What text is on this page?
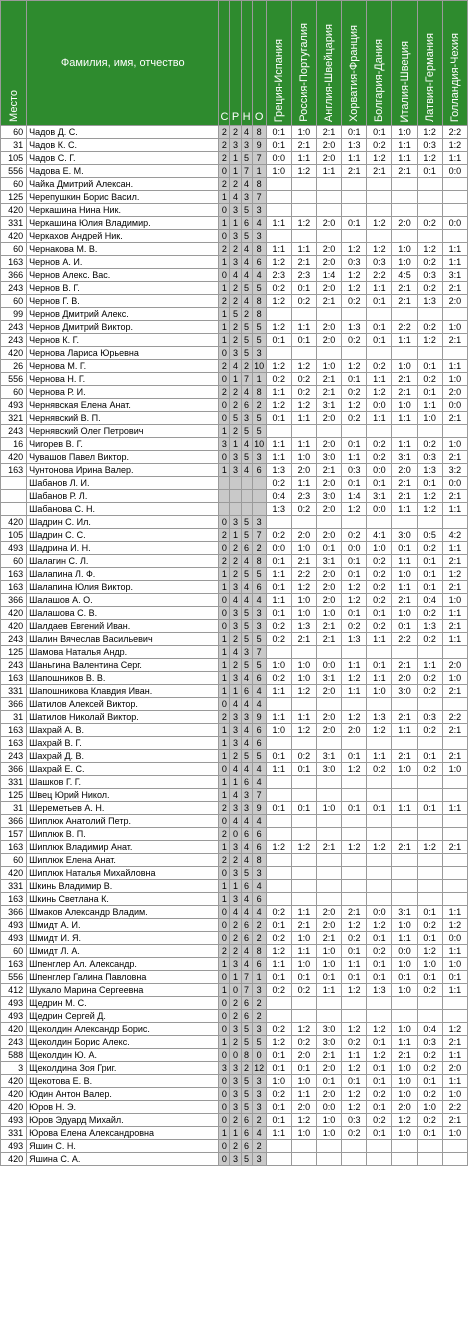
Место	Фамилия, имя, отчество	С	Р	Н	О	Греция-Испания	Россия-Португалия	Англия-Швейцария	Хорватия-Франция	Болгария-Дания	Италия-Швеция	Латвия-Германия	Голландия-Чехия

60	Чадов Д. С.	2	2	4	8	0:1	1:0	2:1	0:1	0:1	1:0	1:2	2:2
31	Чадов К. С.	2	3	3	9	0:1	2:1	2:0	1:3	0:2	1:1	0:3	1:2
105	Чадов С. Г.	2	1	5	7	0:0	1:1	2:0	1:1	1:2	1:1	1:2	1:1
556	Чадова Е. М.	0	1	7	1	1:0	1:2	1:1	2:1	2:1	2:1	0:1	0:0
60	Чайка Дмитрий Алексан.	2	2	4	8								
125	Черепушкин Борис Васил.	1	4	3	7								
420	Черкашина Нина Ник.	0	3	5	3								
331	Черкашина Юлия Владимир.	1	1	6	4	1:1	1:2	2:0	0:1	1:2	2:0	0:2	0:0
420	Черкахов Андрей Ник.	0	3	5	3								
60	Чернакова М. В.	2	2	4	8	1:1	1:1	2:0	1:2	1:2	1:0	1:2	1:1
163	Чернов А. И.	1	3	4	6	1:2	2:1	2:0	0:3	0:3	1:0	0:2	1:1
366	Чернов Алекс. Вас.	0	4	4	4	2:3	2:3	1:4	1:2	2:2	4:5	0:3	3:1
243	Чернов В. Г.	1	2	5	5	0:2	0:1	2:0	1:2	1:1	2:1	0:2	2:1
60	Чернов Г. В.	2	2	4	8	1:2	0:2	2:1	0:2	0:1	2:1	1:3	2:0
99	Чернов Дмитрий Алекс.	1	5	2	8								
243	Чернов Дмитрий Виктор.	1	2	5	5	1:2	1:1	2:0	1:3	0:1	2:2	0:2	1:0
243	Чернов К. Г.	1	2	5	5	0:1	0:1	2:0	0:2	0:1	1:1	1:2	2:1
420	Чернова Лариса Юрьевна	0	3	5	3								
26	Чернова М. Г.	2	4	2	10	1:2	1:2	1:0	1:2	0:2	1:0	0:1	1:1
556	Чернова Н. Г.	0	1	7	1	0:2	0:2	2:1	0:1	1:1	2:1	0:2	1:0
60	Чернова Р. И.	2	2	4	8	1:1	0:2	2:1	0:2	1:2	2:1	0:1	2:0
493	Чернявская Елена Анат.	0	2	6	2	1:2	1:2	3:1	1:2	0:0	1:0	1:1	0:0
321	Чернявский В. П.	0	5	3	5	0:1	1:1	2:0	0:2	1:1	1:1	1:0	2:1
243	Чернявский Олег Петрович	1	2	5	5								
16	Чигорев В. Г.	3	1	4	10	1:1	1:1	2:0	0:1	0:2	1:1	0:2	1:0
420	Чувашов Павел Виктор.	0	3	5	3	1:1	1:0	3:0	1:1	0:2	3:1	0:3	2:1
163	Чунтонова Ирина Валер.	1	3	4	6	1:3	2:0	2:1	0:3	0:0	2:0	1:3	3:2
	Шабанов Л. И.					0:2	1:1	2:0	0:1	0:1	2:1	0:1	0:0
	Шабанов Р. Л.					0:4	2:3	3:0	1:4	3:1	2:1	1:2	2:1
	Шабанова С. Н.					1:3	0:2	2:0	1:2	0:0	1:1	1:2	1:1
420	Шадрин С. Ил.	0	3	5	3								
105	Шадрин С. С.	2	1	5	7	0:2	2:0	2:0	0:2	4:1	3:0	0:5	4:2
493	Шадрина И. Н.	0	2	6	2	0:0	1:0	0:1	0:0	1:0	0:1	0:2	1:1
60	Шалагин С. Л.	2	2	4	8	0:1	2:1	3:1	0:1	0:2	1:1	0:1	2:1
163	Шалапина Л. Ф.	1	2	5	5	1:1	2:2	2:0	0:1	0:2	1:0	0:1	1:2
163	Шалапина Юлия Виктор.	1	3	4	6	0:1	1:2	2:0	1:2	0:2	1:1	0:1	2:1
366	Шалашов А. О.	0	4	4	4	1:1	1:0	2:0	1:2	0:2	2:1	0:4	1:0
420	Шалашова С. В.	0	3	5	3	0:1	1:0	1:0	0:1	0:1	1:0	0:2	1:1
420	Шалдаев Евгений Иван.	0	3	5	3	0:2	1:3	2:1	0:2	0:2	0:1	1:3	2:1
243	Шалин Вячеслав Васильевич	1	2	5	5	0:2	2:1	2:1	1:3	1:1	2:2	0:2	1:1
125	Шамова Наталья Андр.	1	4	3	7								
243	Шаньгина Валентина Серг.	1	2	5	5	1:0	1:0	0:0	1:1	0:1	2:1	1:1	2:0
163	Шапошников В. В.	1	3	4	6	0:2	1:0	3:1	1:2	1:1	2:0	0:2	1:0
331	Шапошникова Клавдия Иван.	1	1	6	4	1:1	1:2	2:0	1:1	1:0	3:0	0:2	2:1
366	Шатилов Алексей Виктор.	0	4	4	4								
31	Шатилов Николай Виктор.	2	3	3	9	1:1	1:1	2:0	1:2	1:3	2:1	0:3	2:2
163	Шахрай А. В.	1	3	4	6	1:0	1:2	2:0	2:0	1:2	1:1	0:2	2:1
163	Шахрай В. Г.	1	3	4	6								
243	Шахрай Д. В.	1	2	5	5	0:1	0:2	3:1	0:1	1:1	2:1	0:1	2:1
366	Шахрай Е. С.	0	4	4	4	1:1	0:1	3:0	1:2	0:2	1:0	0:2	1:0
331	Шашков Г. Г.	1	1	6	4								
125	Швец Юрий Никол.	1	4	3	7								
31	Шереметьев А. Н.	2	3	3	9	0:1	0:1	1:0	0:1	0:1	1:1	0:1	1:1
366	Шиплюк Анатолий Петр.	0	4	4	4								
157	Шиплюк В. П.	2	0	6	6								
163	Шиплюк Владимир Анат.	1	3	4	6	1:2	1:2	2:1	1:2	1:2	2:1	1:2	2:1
60	Шиплюк Елена Анат.	2	2	4	8								
420	Шиплюк Наталья Михайловна	0	3	5	3								
331	Шкинь Владимир В.	1	1	6	4								
163	Шкинь Светлана К.	1	3	4	6								
366	Шмаков Александр Владим.	0	4	4	4	0:2	1:1	2:0	2:1	0:0	3:1	0:1	1:1
493	Шмидт А. И.	0	2	6	2	0:1	2:1	2:0	1:2	1:2	1:0	0:2	1:2
493	Шмидт И. Я.	0	2	6	2	0:2	1:0	2:1	0:2	0:1	1:1	0:1	0:0
60	Шмидт Л. А.	2	2	4	8	1:2	1:1	1:0	0:1	0:2	0:0	1:2	1:1
163	Шпенглер Ал. Александр.	1	3	4	6	1:1	1:0	1:0	1:1	0:1	1:0	1:0	1:0
556	Шпенглер Галина Павловна	0	1	7	1	0:1	0:1	0:1	0:1	0:1	0:1	0:1	0:1
412	Шукало Марина Сергеевна	1	0	7	3	0:2	0:2	1:1	1:2	1:3	1:0	0:2	1:1
493	Щедрин М. С.	0	2	6	2								
493	Щедрин Сергей Д.	0	2	6	2								
420	Щеколдин Александр Борис.	0	3	5	3	0:2	1:2	3:0	1:2	1:2	1:0	0:4	1:2
243	Щеколдин Борис Алекс.	1	2	5	5	1:2	0:2	3:0	0:2	0:1	1:1	0:3	2:1
588	Щеколдин Ю. А.	0	0	8	0	0:1	2:0	2:1	1:1	1:2	2:1	0:2	1:1
3	Щеколдина Зоя Григ.	3	3	2	12	0:1	0:1	2:0	1:2	0:1	1:0	0:2	2:0
420	Щекотова Е. В.	0	3	5	3	1:0	1:0	0:1	0:1	0:1	1:0	0:1	1:1
420	Юдин Антон Валер.	0	3	5	3	0:2	1:1	2:0	1:2	0:2	1:0	0:2	1:0
420	Юров Н. Э.	0	3	5	3	0:1	2:0	0:0	1:2	0:1	2:0	1:0	2:2
493	Юров Эдуард Михайл.	0	2	6	2	0:1	1:2	1:0	0:3	0:2	1:2	0:2	2:1
331	Юрова Елена Александровна	1	1	6	4	1:1	1:0	1:0	0:2	0:1	1:0	0:1	1:0
493	Яшин С. Н.	0	2	6	2								
420	Яшина С. А.	0	3	5	3								
